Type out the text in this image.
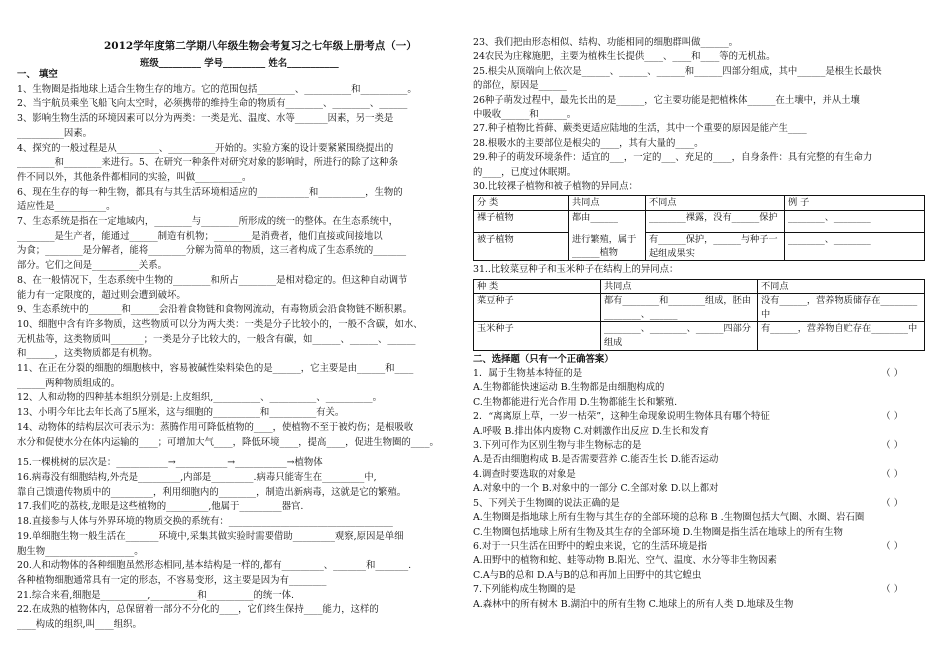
2012学年度第二学期八年级生物会考复习之七年级上册考点（一）
班级_________ 学号_________ 姓名___________
一、 填空
1、生物圈是指地球上适合生物生存的地方。它的范围包括________、__________和__________。
2、当宇航员乘坐飞船飞向太空时，必须携带的维持生命的物质有________、________、______
3、影响生物生活的环境因素可以分为两类：一类是光、温度、水等_______因素，另一类是
__________因素。
4、探究的一般过程是从_________、__________开始的。实验方案的设计要紧紧围绕提出的
________和________来进行。5、在研究一种条件对研究对象的影响时，所进行的除了这种条
件不同以外，其他条件都相同的实验，叫做__________。
6、现在生存的每一种生物，都具有与其生活环境相适应的___________和__________，生物的
适应性是___________。
7、生态系统是指在一定地域内，________与________所形成的统一的整体。在生态系统中，
________是生产者，能通过______制造有机物；________是消费者，他们直接或间接地以
为食；________是分解者，能将________分解为简单的物质，这三者构成了生态系统的_______
部分。它们之间是__________关系。
8、在一般情况下，生态系统中生物的________和所占________是相对稳定的。但这种自动调节
能力有一定限度的，超过则会遭到破坏。
9、生态系统中的_______和______会沿着食物链和食物网流动，有毒物质会沿食物链不断积累。
10、细胞中含有许多物质，这些物质可以分为两大类：一类是分子比较小的，一般不含碳，如水、
无机盐等，这类物质叫_______；一类是分子比较大的，一般含有碳，如______、______、______
和______，这类物质都是有机物。
11、在正在分裂的细胞的细胞核中，容易被碱性染料染色的是______，它主要是由______和____
______两种物质组成的。
12、人和动物的四种基本组织分别是:上皮组织,__________、__________、__________。
13、小明今年比去年长高了5厘米，这与细胞的__________和__________有关。
14、动物体的结构层次可表示为：蒸腾作用可降低植物的____，使植物不至于被灼伤；是根吸收
水分和促使水分在体内运输的____；可增加大气____，降低环境____，提高____，促进生物圈的____。
15.一棵桃树的层次是：___________→___________→___________→植物体
16.病毒没有细胞结构,外壳是_________,内部是_________.病毒只能寄生在_________中,
靠自己馈遗传物质中的_________，利用细胞内的________，制造出新病毒，这就是它的繁殖。
17.我们吃的荔枝,龙眼是这些植物的_________,他属于_________器官.
18.直接参与人体与外界环境的物质交换的系统有：___________________________________
19.单细胞生物一般生活在_______环境中,采集其做实验时需要借助_________观察,原因是单细
胞生物___________________。
20.人和动物体的各种细胞虽然形态相同,基本结构是一样的,都有_________、_______和_______.
各种植物细胞通常具有一定的形态，不容易变形，这主要是因为有________
21.综合来看,细胞是__________,__________和__________的统一体.
22.在成熟的植物体内，总保留着一部分不分化的____，它们终生保持____能力，这样的
____构成的组织,叫____组织。
23、我们把由形态相似、结构、功能相同的细胞群叫做______。
24农民为庄稼施肥，主要为植株生长提供____、____和____等的无机盐。
25.根尖从顶端向上依次是______、______、______和______四部分组成，其中______是根生长最快
的部位，原因是______
26种子萌发过程中，最先长出的是______，它主要功能是把植株体______在土壤中，并从土壤
中吸收______和______。
27.种子植物比苔藓、蕨类更适应陆地的生活，其中一个重要的原因是能产生____
28.根吸水的主要部位是根尖的____，其有大量的____。
29.种子的萌发环境条件：适宜的___，一定的___、充足的____，自身条件：具有完整的有生命力
的____，已度过休眠期。
30.比较裸子植物和被子植物的异同点：
分 类	共同点	不同点	例 子
裸子植物	都由______	________裸露，没有______保护	________、________
被子植物	进行繁殖，属于______植物	有______保护，______与种子一起组成果实	________、________
31..比较菜豆种子和玉米种子在结构上的异同点：
种 类	共同点	不同点
菜豆种子	都有________和________组成，胚由________、______	没有______，营养物质储存在________中
玉米种子	________、________、______四部分组成	有______，营养物自贮存在________中
二、选择题（只有一个正确答案）
1．属于生物基本特征的是	（ ）
A.生物都能快速运动 B.生物都是由细胞构成的
C.生物都能进行光合作用 D.生物都能生长和繁殖.
2．“离离原上草，一岁一枯荣”，这种生命现象说明生物体具有哪个特征	（ ）
A.呼吸 B.排出体内废物 C.对刺激作出反应 D.生长和发育
3.下列可作为区别生物与非生物标志的是	（ ）
A.是否由细胞构成 B.是否需要营养 C.能否生长 D.能否运动
4.调查时要选取的对象是	（ ）
A.对象中的一个 B.对象中的一部分 C.全部对象 D.以上都对
5、下列关于生物圈的说法正确的是	（ ）
A.生物圈是指地球上所有生物与其生存的全部环境的总称 B .生物圈包括大气圈、水圈、岩石圈
C.生物圈包括地球上所有生物及其生存的全部环境 D.生物圈是指生活在地球上的所有生物
6.对于一只生活在田野中的蝗虫来说，它的生活环境是指	（ ）
A.田野中的植物和蛇、蛙等动物 B.阳光、空气、温度、水分等非生物因素
C.A与B的总和 D.A与B的总和再加上田野中的其它蝗虫
7.下列能构成生物圈的是	（ ）
A.森林中的所有树木 B.湖泊中的所有生物 C.地球上的所有人类 D.地球及生物
